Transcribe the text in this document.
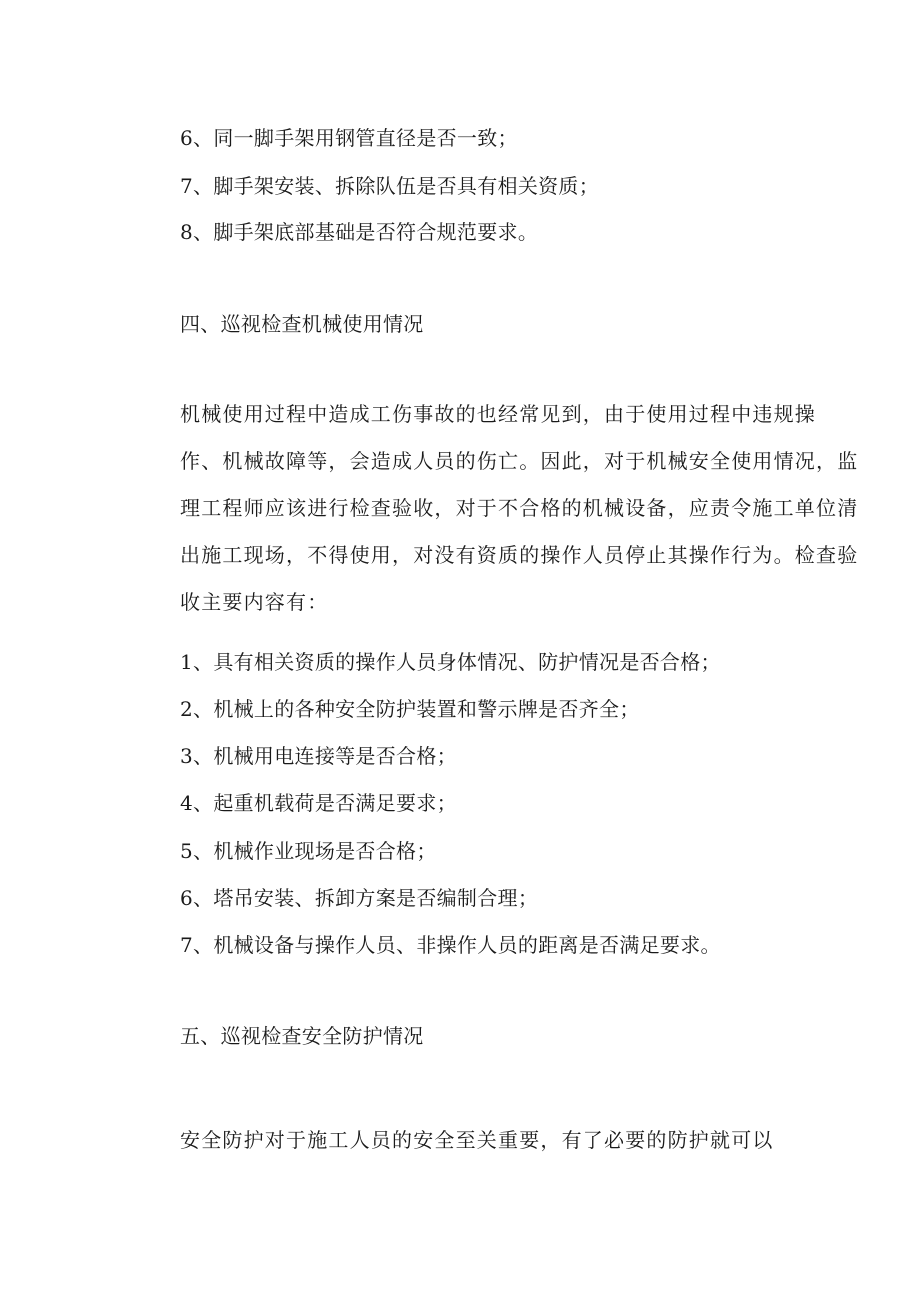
6、同一脚手架用钢管直径是否一致；
7、脚手架安装、拆除队伍是否具有相关资质；
8、脚手架底部基础是否符合规范要求。
四、巡视检查机械使用情况
机械使用过程中造成工伤事故的也经常见到，由于使用过程中违规操
作、机械故障等，会造成人员的伤亡。因此，对于机械安全使用情况，监
理工程师应该进行检查验收，对于不合格的机械设备，应责令施工单位清
出施工现场，不得使用，对没有资质的操作人员停止其操作行为。检查验
收主要内容有：
1、具有相关资质的操作人员身体情况、防护情况是否合格；
2、机械上的各种安全防护装置和警示牌是否齐全；
3、机械用电连接等是否合格；
4、起重机载荷是否满足要求；
5、机械作业现场是否合格；
6、塔吊安装、拆卸方案是否编制合理；
7、机械设备与操作人员、非操作人员的距离是否满足要求。
五、巡视检查安全防护情况
安全防护对于施工人员的安全至关重要，有了必要的防护就可以
